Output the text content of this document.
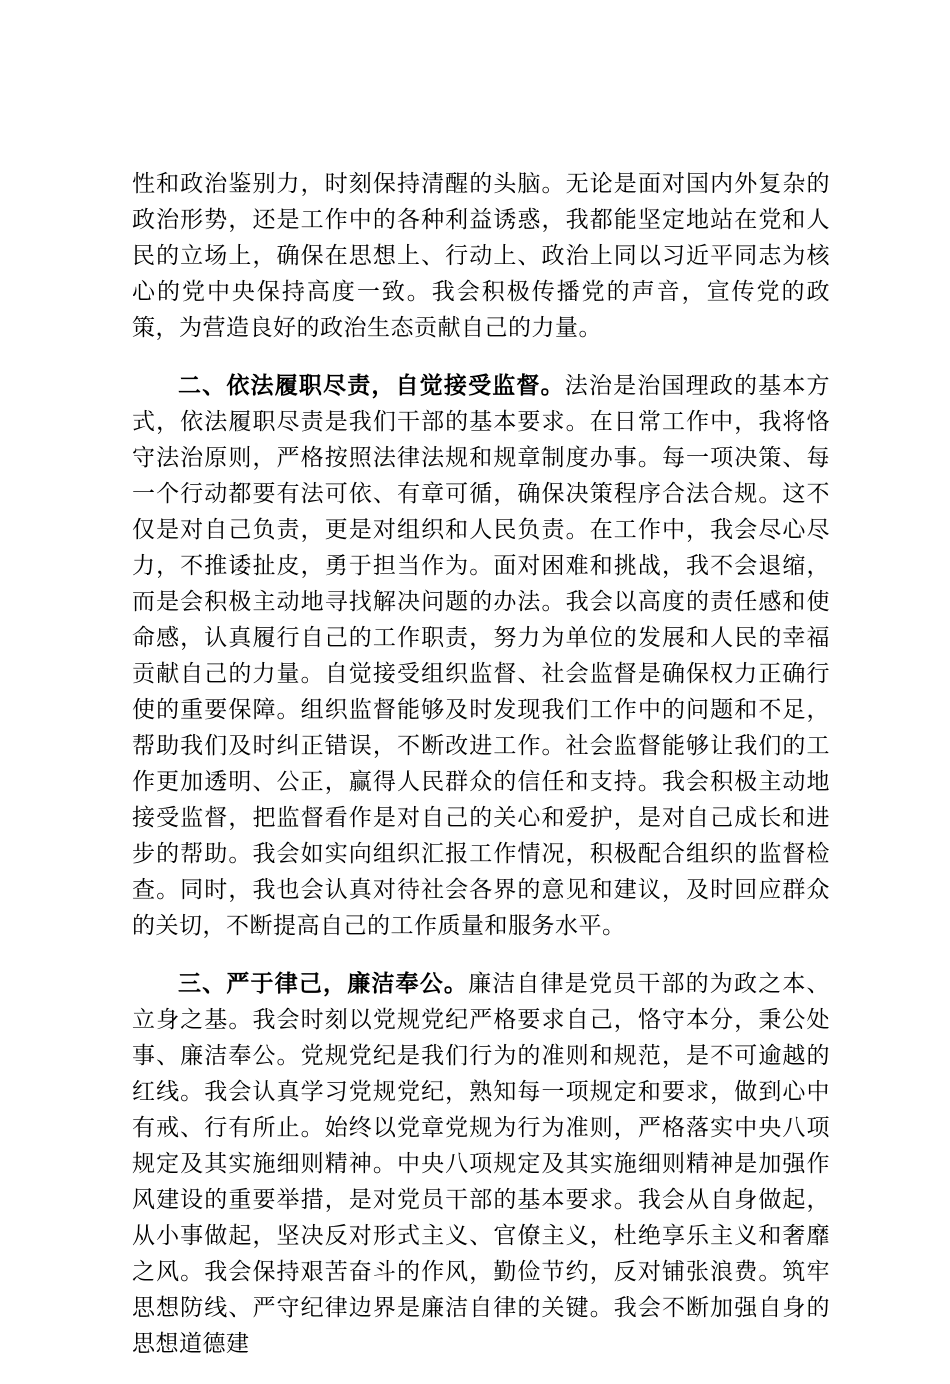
性和政治鉴别力，时刻保持清醒的头脑。无论是面对国内外复杂的政治形势，还是工作中的各种利益诱惑，我都能坚定地站在党和人民的立场上，确保在思想上、行动上、政治上同以习近平同志为核心的党中央保持高度一致。我会积极传播党的声音，宣传党的政策，为营造良好的政治生态贡献自己的力量。

二、依法履职尽责，自觉接受监督。法治是治国理政的基本方式，依法履职尽责是我们干部的基本要求。在日常工作中，我将恪守法治原则，严格按照法律法规和规章制度办事。每一项决策、每一个行动都要有法可依、有章可循，确保决策程序合法合规。这不仅是对自己负责，更是对组织和人民负责。在工作中，我会尽心尽力，不推诿扯皮，勇于担当作为。面对困难和挑战，我不会退缩，而是会积极主动地寻找解决问题的办法。我会以高度的责任感和使命感，认真履行自己的工作职责，努力为单位的发展和人民的幸福贡献自己的力量。自觉接受组织监督、社会监督是确保权力正确行使的重要保障。组织监督能够及时发现我们工作中的问题和不足，帮助我们及时纠正错误，不断改进工作。社会监督能够让我们的工作更加透明、公正，赢得人民群众的信任和支持。我会积极主动地接受监督，把监督看作是对自己的关心和爱护，是对自己成长和进步的帮助。我会如实向组织汇报工作情况，积极配合组织的监督检查。同时，我也会认真对待社会各界的意见和建议，及时回应群众的关切，不断提高自己的工作质量和服务水平。

三、严于律己，廉洁奉公。廉洁自律是党员干部的为政之本、立身之基。我会时刻以党规党纪严格要求自己，恪守本分，秉公处事、廉洁奉公。党规党纪是我们行为的准则和规范，是不可逾越的红线。我会认真学习党规党纪，熟知每一项规定和要求，做到心中有戒、行有所止。始终以党章党规为行为准则，严格落实中央八项规定及其实施细则精神。中央八项规定及其实施细则精神是加强作风建设的重要举措，是对党员干部的基本要求。我会从自身做起，从小事做起，坚决反对形式主义、官僚主义，杜绝享乐主义和奢靡之风。我会保持艰苦奋斗的作风，勤俭节约，反对铺张浪费。筑牢思想防线、严守纪律边界是廉洁自律的关键。我会不断加强自身的思想道德建
